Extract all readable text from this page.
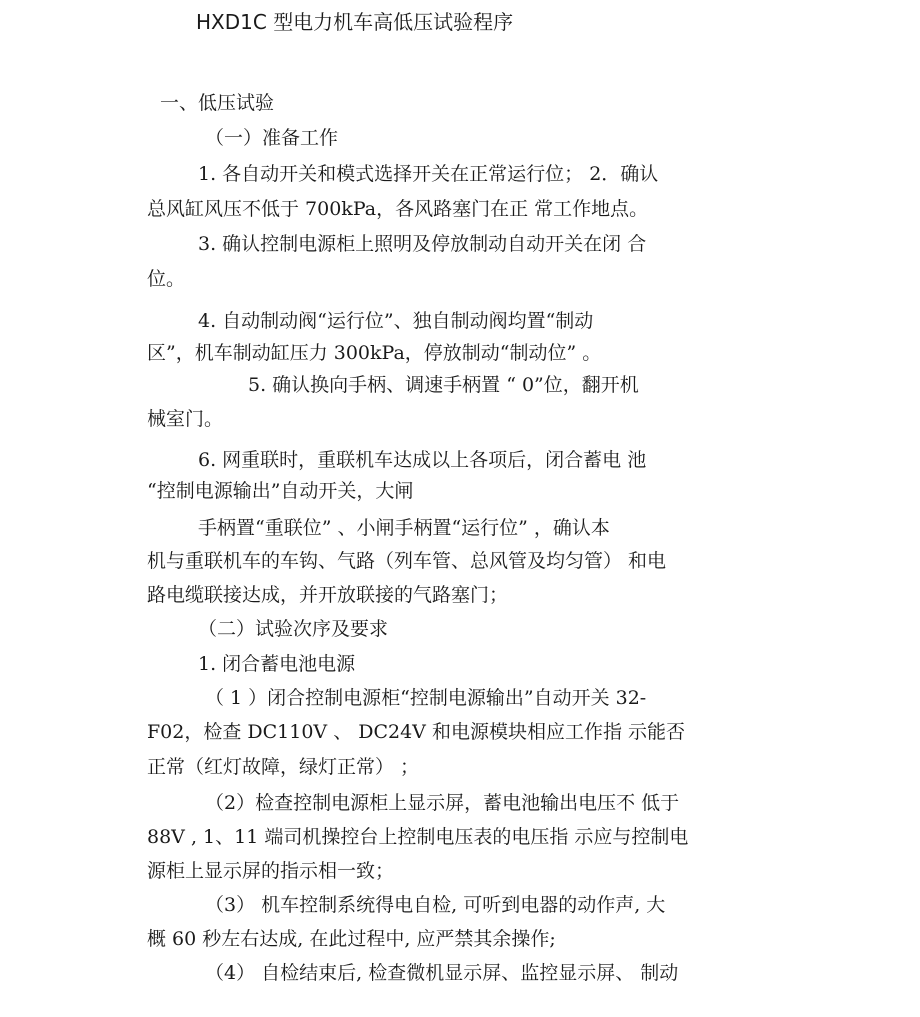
HXD1C 型电力机车高低压试验程序
一、低压试验
（一）准备工作
1. 各自动开关和模式选择开关在正常运行位； 2．确认
总风缸风压不低于 700kPa，各风路塞门在正 常工作地点。
3. 确认控制电源柜上照明及停放制动自动开关在闭 合
位。
4. 自动制动阀“运行位”、独自制动阀均置“制动
区”，机车制动缸压力 300kPa，停放制动“制动位” 。
5. 确认换向手柄、调速手柄置 “ 0”位，翻开机
械室门。
6. 网重联时，重联机车达成以上各项后，闭合蓄电 池
“控制电源输出”自动开关，大闸
手柄置“重联位” 、小闸手柄置“运行位” ，确认本
机与重联机车的车钩、气路（列车管、总风管及均匀管） 和电
路电缆联接达成，并开放联接的气路塞门；
（二）试验次序及要求
1. 闭合蓄电池电源
（ 1 ）闭合控制电源柜“控制电源输出”自动开关 32-
F02，检查 DC110V 、 DC24V 和电源模块相应工作指 示能否
正常（红灯故障，绿灯正常） ；
（2）检查控制电源柜上显示屏，蓄电池输出电压不 低于
88V , 1、11 端司机操控台上控制电压表的电压指 示应与控制电
源柜上显示屏的指示相一致；
（3） 机车控制系统得电自检, 可听到电器的动作声, 大
概 60 秒左右达成, 在此过程中, 应严禁其余操作;
（4） 自检结束后, 检查微机显示屏、监控显示屏、 制动
